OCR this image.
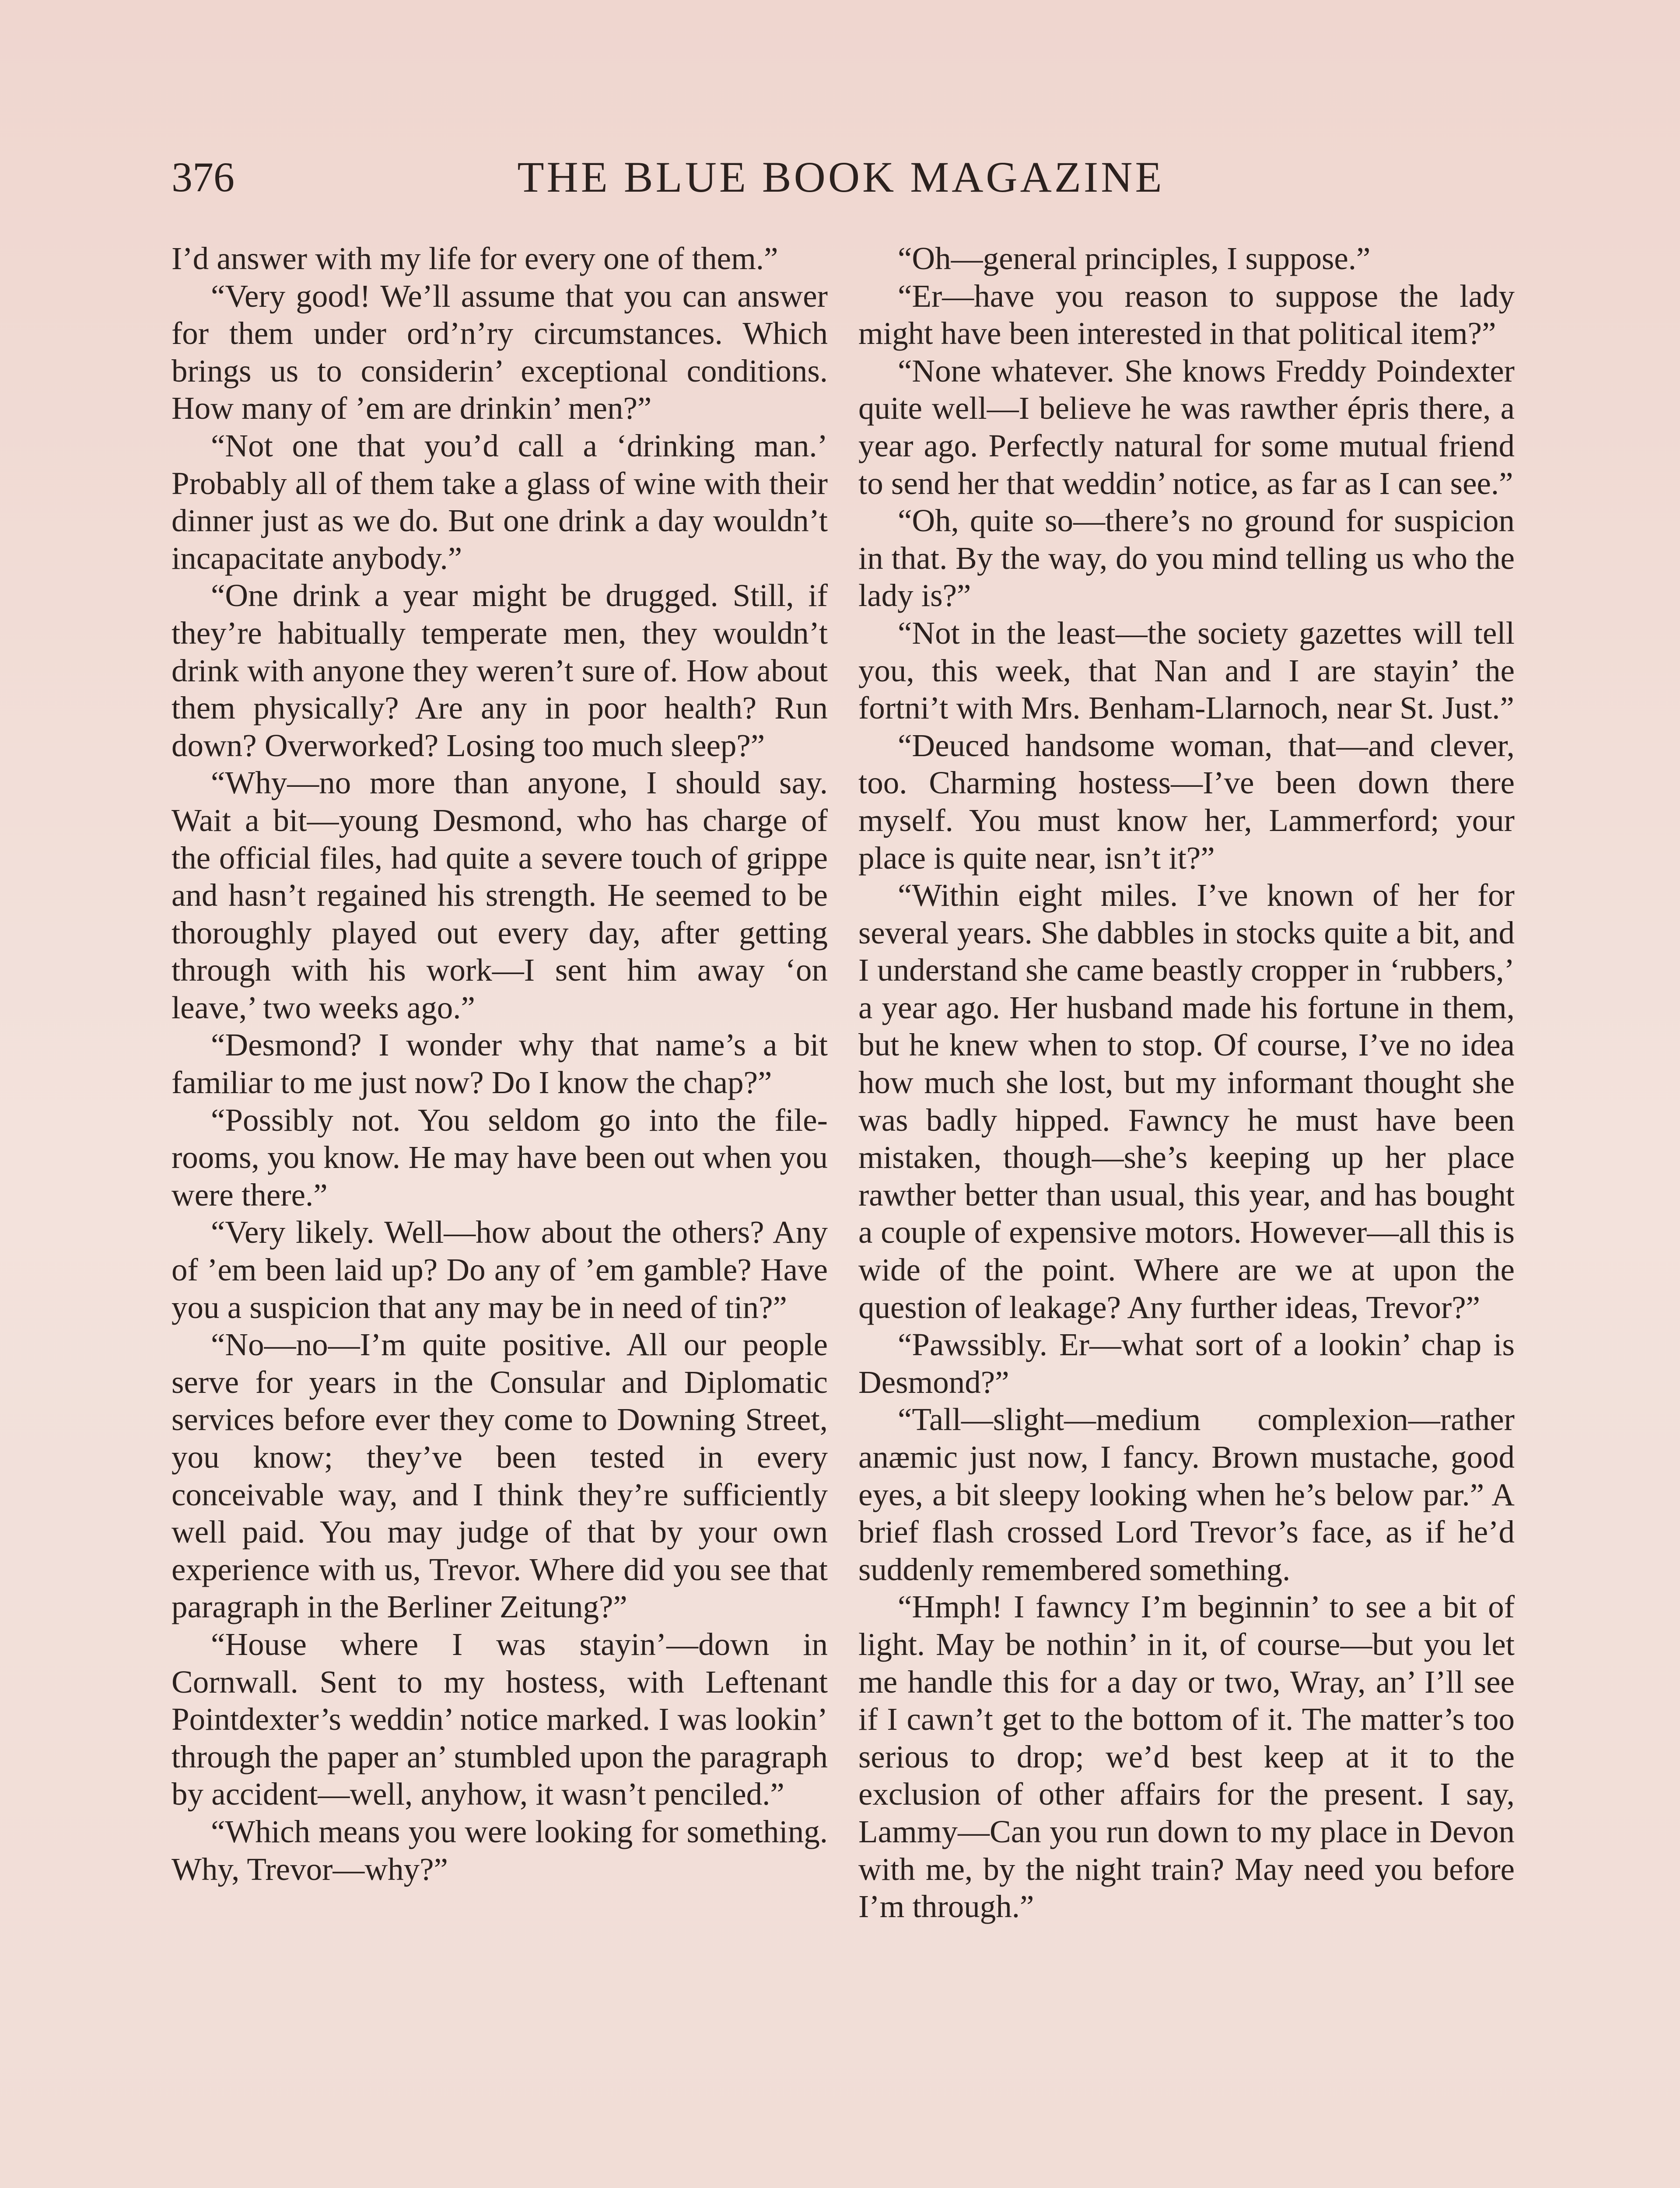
376	THE BLUE BOOK MAGAZINE

I’d answer with my life for every one of them.”

“Very good! We’ll assume that you can answer for them under ord’n’ry circumstances. Which brings us to considerin’ exceptional conditions. How many of ’em are drinkin’ men?”

“Not one that you’d call a ‘drinking man.’ Probably all of them take a glass of wine with their dinner just as we do. But one drink a day wouldn’t incapacitate anybody.”

“One drink a year might be drugged. Still, if they’re habitually temperate men, they wouldn’t drink with anyone they weren’t sure of. How about them physically? Are any in poor health? Run down? Overworked? Losing too much sleep?”

“Why—no more than anyone, I should say. Wait a bit—young Desmond, who has charge of the official files, had quite a severe touch of grippe and hasn’t regained his strength. He seemed to be thoroughly played out every day, after getting through with his work—I sent him away ‘on leave,’ two weeks ago.”

“Desmond? I wonder why that name’s a bit familiar to me just now? Do I know the chap?”

“Possibly not. You seldom go into the file-rooms, you know. He may have been out when you were there.”

“Very likely. Well—how about the others? Any of ’em been laid up? Do any of ’em gamble? Have you a suspicion that any may be in need of tin?”

“No—no—I’m quite positive. All our people serve for years in the Consular and Diplomatic services before ever they come to Downing Street, you know; they’ve been tested in every conceivable way, and I think they’re sufficiently well paid. You may judge of that by your own experience with us, Trevor. Where did you see that paragraph in the Berliner Zeitung?”

“House where I was stayin’—down in Cornwall. Sent to my hostess, with Leftenant Pointdexter’s weddin’ notice marked. I was lookin’ through the paper an’ stumbled upon the paragraph by accident—well, anyhow, it wasn’t penciled.”

“Which means you were looking for something. Why, Trevor—why?”

“Oh—general principles, I suppose.”

“Er—have you reason to suppose the lady might have been interested in that political item?”

“None whatever. She knows Freddy Poindexter quite well—I believe he was rawther épris there, a year ago. Perfectly natural for some mutual friend to send her that weddin’ notice, as far as I can see.”

“Oh, quite so—there’s no ground for suspicion in that. By the way, do you mind telling us who the lady is?”

“Not in the least—the society gazettes will tell you, this week, that Nan and I are stayin’ the fortni’t with Mrs. Benham-Llarnoch, near St. Just.”

“Deuced handsome woman, that—and clever, too. Charming hostess—I’ve been down there myself. You must know her, Lammerford; your place is quite near, isn’t it?”

“Within eight miles. I’ve known of her for several years. She dabbles in stocks quite a bit, and I understand she came beastly cropper in ‘rubbers,’ a year ago. Her husband made his fortune in them, but he knew when to stop. Of course, I’ve no idea how much she lost, but my informant thought she was badly hipped. Fawncy he must have been mistaken, though—she’s keeping up her place rawther better than usual, this year, and has bought a couple of expensive motors. However—all this is wide of the point. Where are we at upon the question of leakage? Any further ideas, Trevor?”

“Pawssibly. Er—what sort of a lookin’ chap is Desmond?”

“Tall—slight—medium complexion—rather anæmic just now, I fancy. Brown mustache, good eyes, a bit sleepy looking when he’s below par.” A brief flash crossed Lord Trevor’s face, as if he’d suddenly remembered something.

“Hmph! I fawncy I’m beginnin’ to see a bit of light. May be nothin’ in it, of course—but you let me handle this for a day or two, Wray, an’ I’ll see if I cawn’t get to the bottom of it. The matter’s too serious to drop; we’d best keep at it to the exclusion of other affairs for the present. I say, Lammy—Can you run down to my place in Devon with me, by the night train? May need you before I’m through.”
